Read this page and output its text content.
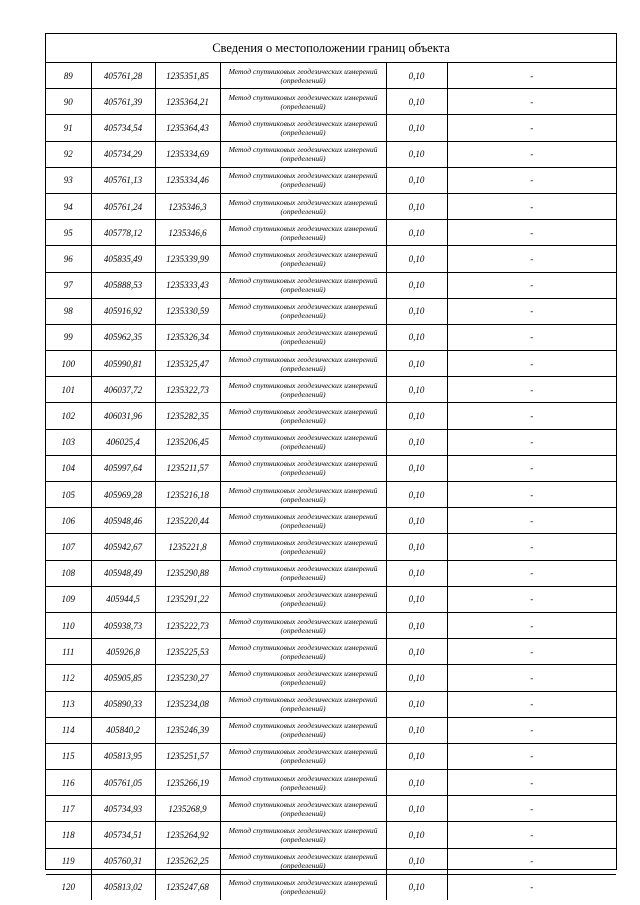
Сведения о местоположении границ объекта
89	405761,28	1235351,85	Метод спутниковых геодезических измерений (определений)	0,10	-
90	405761,39	1235364,21	Метод спутниковых геодезических измерений (определений)	0,10	-
91	405734,54	1235364,43	Метод спутниковых геодезических измерений (определений)	0,10	-
92	405734,29	1235334,69	Метод спутниковых геодезических измерений (определений)	0,10	-
93	405761,13	1235334,46	Метод спутниковых геодезических измерений (определений)	0,10	-
94	405761,24	1235346,3	Метод спутниковых геодезических измерений (определений)	0,10	-
95	405778,12	1235346,6	Метод спутниковых геодезических измерений (определений)	0,10	-
96	405835,49	1235339,99	Метод спутниковых геодезических измерений (определений)	0,10	-
97	405888,53	1235333,43	Метод спутниковых геодезических измерений (определений)	0,10	-
98	405916,92	1235330,59	Метод спутниковых геодезических измерений (определений)	0,10	-
99	405962,35	1235326,34	Метод спутниковых геодезических измерений (определений)	0,10	-
100	405990,81	1235325,47	Метод спутниковых геодезических измерений (определений)	0,10	-
101	406037,72	1235322,73	Метод спутниковых геодезических измерений (определений)	0,10	-
102	406031,96	1235282,35	Метод спутниковых геодезических измерений (определений)	0,10	-
103	406025,4	1235206,45	Метод спутниковых геодезических измерений (определений)	0,10	-
104	405997,64	1235211,57	Метод спутниковых геодезических измерений (определений)	0,10	-
105	405969,28	1235216,18	Метод спутниковых геодезических измерений (определений)	0,10	-
106	405948,46	1235220,44	Метод спутниковых геодезических измерений (определений)	0,10	-
107	405942,67	1235221,8	Метод спутниковых геодезических измерений (определений)	0,10	-
108	405948,49	1235290,88	Метод спутниковых геодезических измерений (определений)	0,10	-
109	405944,5	1235291,22	Метод спутниковых геодезических измерений (определений)	0,10	-
110	405938,73	1235222,73	Метод спутниковых геодезических измерений (определений)	0,10	-
111	405926,8	1235225,53	Метод спутниковых геодезических измерений (определений)	0,10	-
112	405905,85	1235230,27	Метод спутниковых геодезических измерений (определений)	0,10	-
113	405890,33	1235234,08	Метод спутниковых геодезических измерений (определений)	0,10	-
114	405840,2	1235246,39	Метод спутниковых геодезических измерений (определений)	0,10	-
115	405813,95	1235251,57	Метод спутниковых геодезических измерений (определений)	0,10	-
116	405761,05	1235266,19	Метод спутниковых геодезических измерений (определений)	0,10	-
117	405734,93	1235268,9	Метод спутниковых геодезических измерений (определений)	0,10	-
118	405734,51	1235264,92	Метод спутниковых геодезических измерений (определений)	0,10	-
119	405760,31	1235262,25	Метод спутниковых геодезических измерений (определений)	0,10	-
120	405813,02	1235247,68	Метод спутниковых геодезических измерений (определений)	0,10	-
